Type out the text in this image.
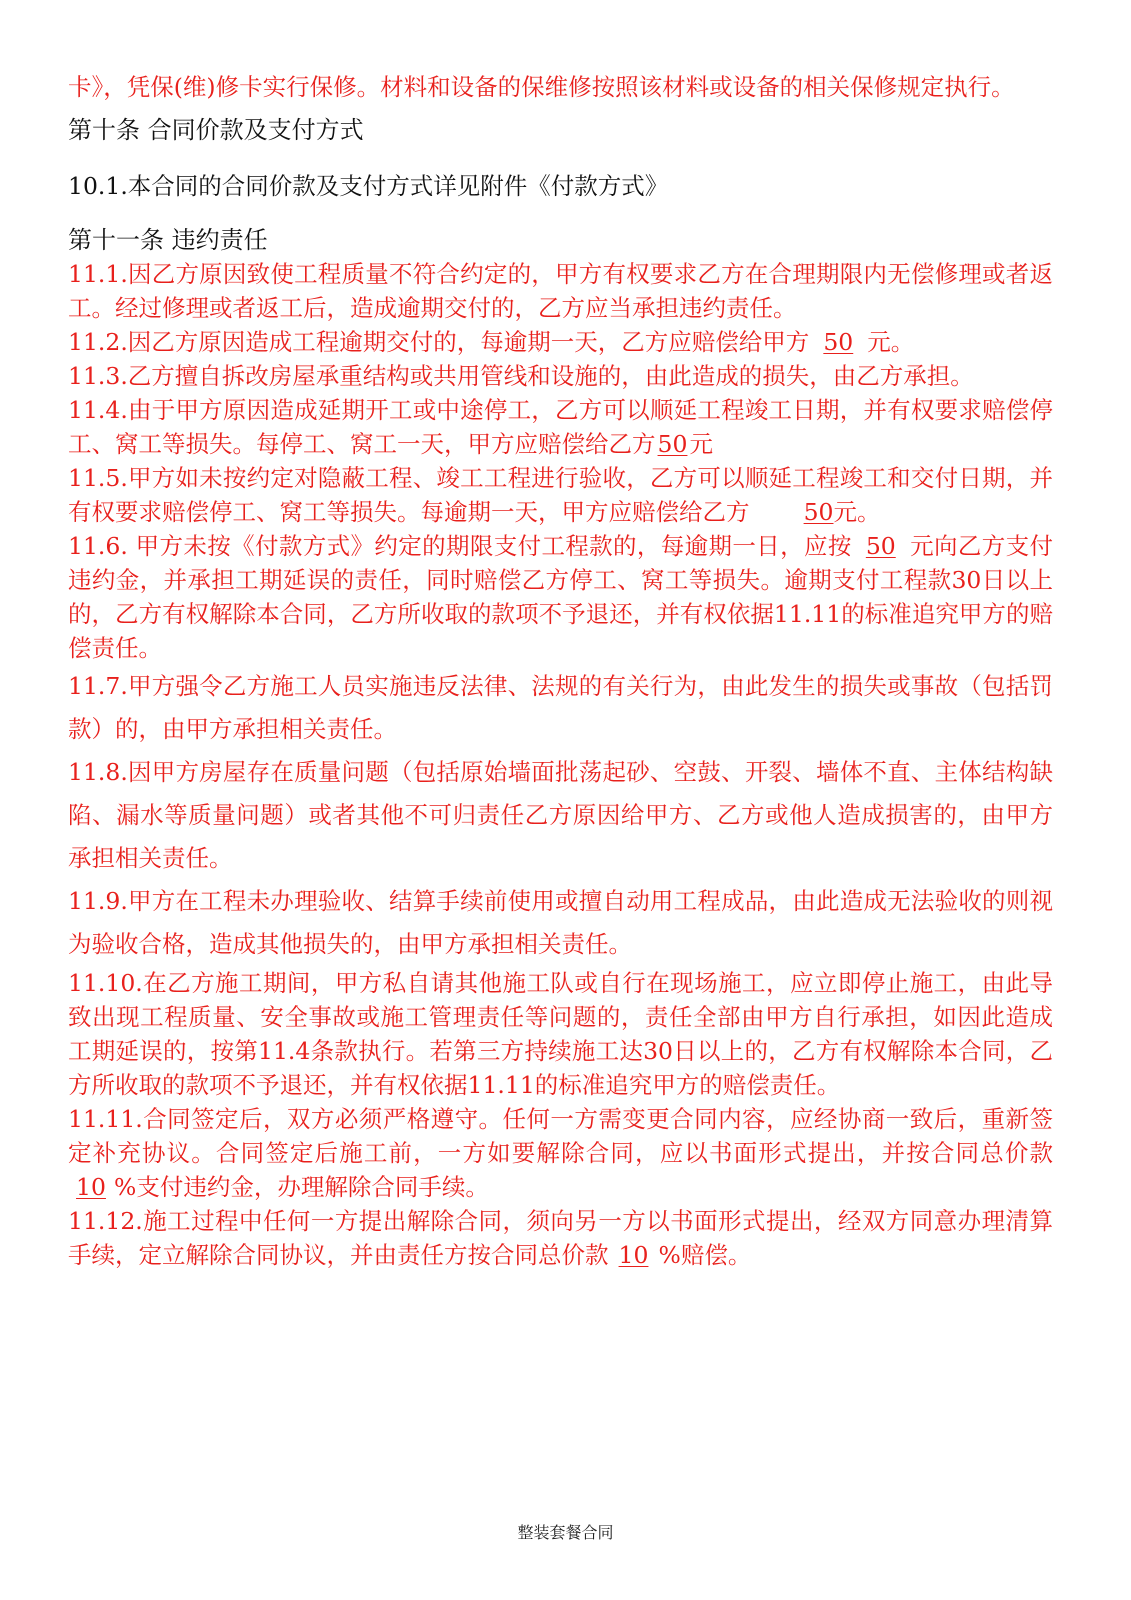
卡》，凭保(维)修卡实行保修。材料和设备的保维修按照该材料或设备的相关保修规定执行。

第十条 合同价款及支付方式

10.1.本合同的合同价款及支付方式详见附件《付款方式》

第十一条 违约责任

11.1.因乙方原因致使工程质量不符合约定的，甲方有权要求乙方在合理期限内无偿修理或者返工。经过修理或者返工后，造成逾期交付的，乙方应当承担违约责任。

11.2.因乙方原因造成工程逾期交付的，每逾期一天，乙方应赔偿给甲方 50 元。

11.3.乙方擅自拆改房屋承重结构或共用管线和设施的，由此造成的损失，由乙方承担。

11.4.由于甲方原因造成延期开工或中途停工，乙方可以顺延工程竣工日期，并有权要求赔偿停工、窝工等损失。每停工、窝工一天，甲方应赔偿给乙方50元

11.5.甲方如未按约定对隐蔽工程、竣工工程进行验收，乙方可以顺延工程竣工和交付日期，并有权要求赔偿停工、窝工等损失。每逾期一天，甲方应赔偿给乙方 50元。

11.6. 甲方未按《付款方式》约定的期限支付工程款的，每逾期一日，应按 50 元向乙方支付违约金，并承担工期延误的责任，同时赔偿乙方停工、窝工等损失。逾期支付工程款30日以上的，乙方有权解除本合同，乙方所收取的款项不予退还，并有权依据11.11的标准追究甲方的赔偿责任。

11.7.甲方强令乙方施工人员实施违反法律、法规的有关行为，由此发生的损失或事故（包括罚款）的，由甲方承担相关责任。

11.8.因甲方房屋存在质量问题（包括原始墙面批荡起砂、空鼓、开裂、墙体不直、主体结构缺陷、漏水等质量问题）或者其他不可归责任乙方原因给甲方、乙方或他人造成损害的，由甲方承担相关责任。

11.9.甲方在工程未办理验收、结算手续前使用或擅自动用工程成品，由此造成无法验收的则视为验收合格，造成其他损失的，由甲方承担相关责任。

11.10.在乙方施工期间，甲方私自请其他施工队或自行在现场施工，应立即停止施工，由此导致出现工程质量、安全事故或施工管理责任等问题的，责任全部由甲方自行承担，如因此造成工期延误的，按第11.4条款执行。若第三方持续施工达30日以上的，乙方有权解除本合同，乙方所收取的款项不予退还，并有权依据11.11的标准追究甲方的赔偿责任。

11.11.合同签定后，双方必须严格遵守。任何一方需变更合同内容，应经协商一致后，重新签定补充协议。合同签定后施工前，一方如要解除合同，应以书面形式提出，并按合同总价款10 %支付违约金，办理解除合同手续。

11.12.施工过程中任何一方提出解除合同，须向另一方以书面形式提出，经双方同意办理清算手续，定立解除合同协议，并由责任方按合同总价款 10 %赔偿。

整装套餐合同
